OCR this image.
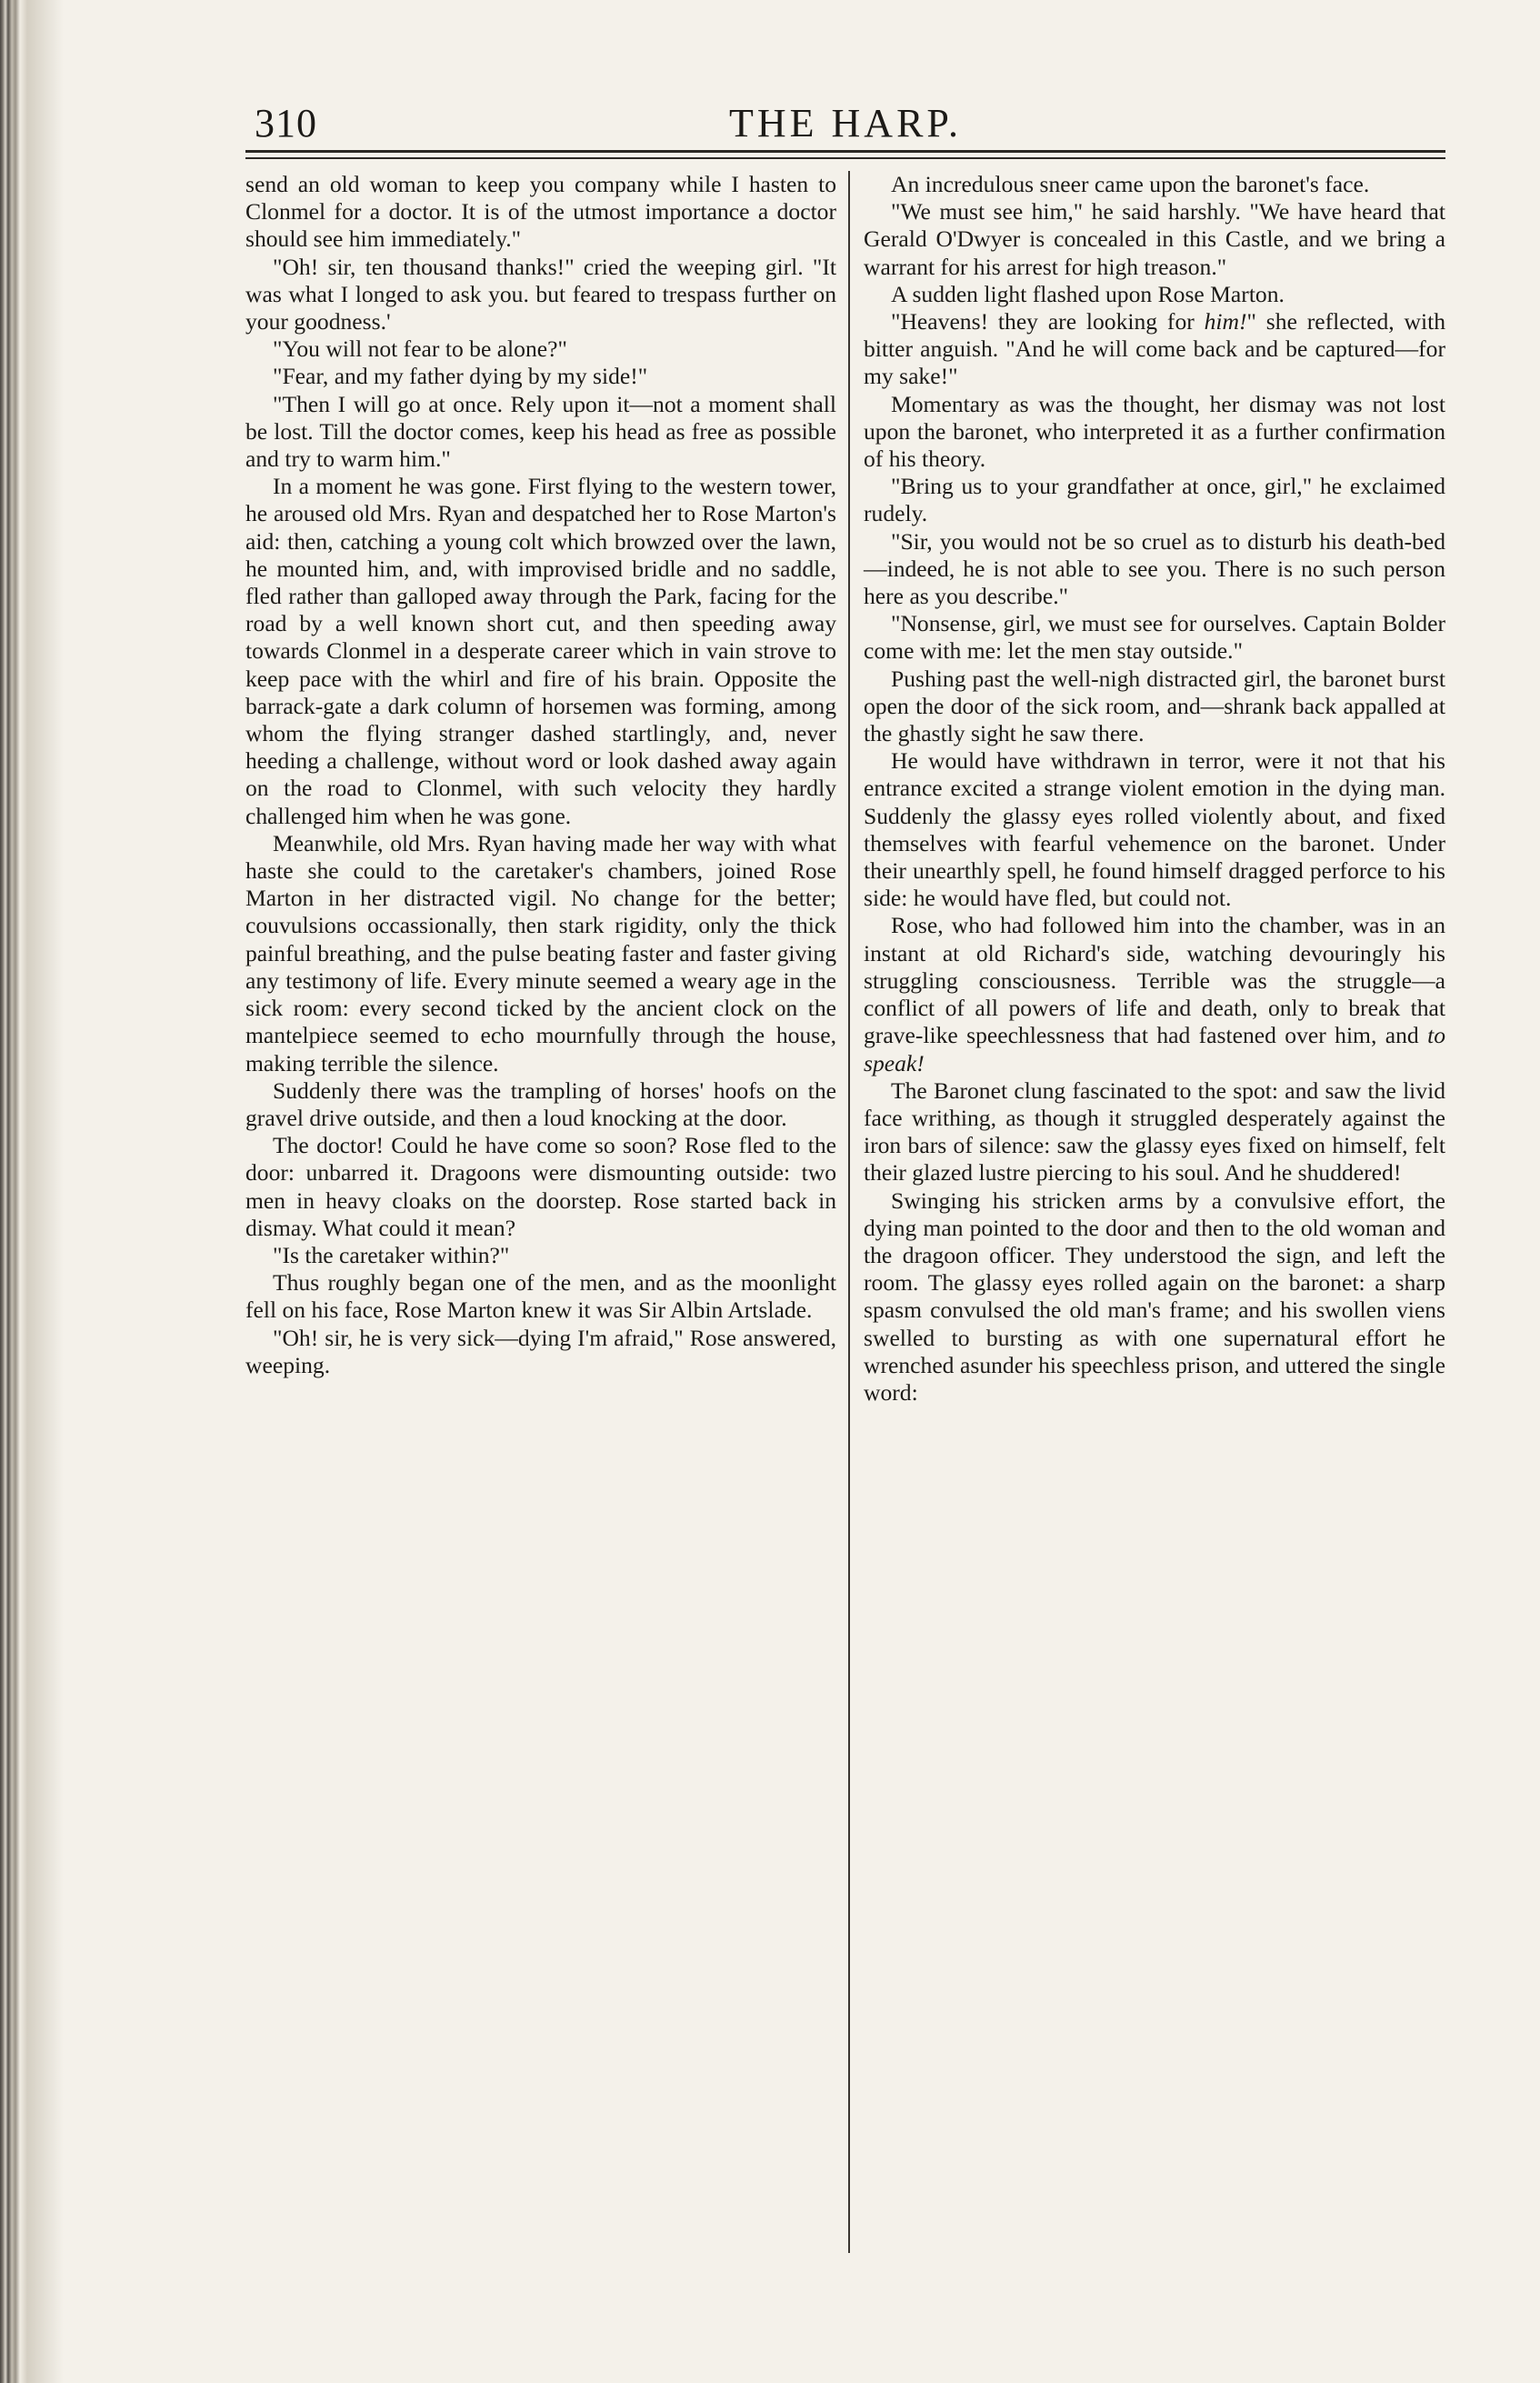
310	THE HARP.

send an old woman to keep you company while I hasten to Clonmel for a doctor. It is of the utmost importance a doctor should see him immediately."

"Oh! sir, ten thousand thanks!" cried the weeping girl. "It was what I longed to ask you. but feared to trespass further on your goodness.'

"You will not fear to be alone?"

"Fear, and my father dying by my side!"

"Then I will go at once. Rely upon it—not a moment shall be lost. Till the doctor comes, keep his head as free as possible and try to warm him."

In a moment he was gone. First flying to the western tower, he aroused old Mrs. Ryan and despatched her to Rose Marton's aid: then, catching a young colt which browzed over the lawn, he mounted him, and, with improvised bridle and no saddle, fled rather than galloped away through the Park, facing for the road by a well known short cut, and then speeding away towards Clonmel in a desperate career which in vain strove to keep pace with the whirl and fire of his brain. Opposite the barrack-gate a dark column of horsemen was forming, among whom the flying stranger dashed startlingly, and, never heeding a challenge, without word or look dashed away again on the road to Clonmel, with such velocity they hardly challenged him when he was gone.

Meanwhile, old Mrs. Ryan having made her way with what haste she could to the caretaker's chambers, joined Rose Marton in her distracted vigil. No change for the better; couvulsions occassionally, then stark rigidity, only the thick painful breathing, and the pulse beating faster and faster giving any testimony of life. Every minute seemed a weary age in the sick room: every second ticked by the ancient clock on the mantelpiece seemed to echo mournfully through the house, making terrible the silence.

Suddenly there was the trampling of horses' hoofs on the gravel drive outside, and then a loud knocking at the door.

The doctor! Could he have come so soon? Rose fled to the door: unbarred it. Dragoons were dismounting outside: two men in heavy cloaks on the doorstep. Rose started back in dismay. What could it mean?

"Is the caretaker within?"

Thus roughly began one of the men, and as the moonlight fell on his face, Rose Marton knew it was Sir Albin Artslade.

"Oh! sir, he is very sick—dying I'm afraid," Rose answered, weeping.

An incredulous sneer came upon the baronet's face.

"We must see him," he said harshly. "We have heard that Gerald O'Dwyer is concealed in this Castle, and we bring a warrant for his arrest for high treason."

A sudden light flashed upon Rose Marton.

"Heavens! they are looking for him!" she reflected, with bitter anguish. "And he will come back and be captured—for my sake!"

Momentary as was the thought, her dismay was not lost upon the baronet, who interpreted it as a further confirmation of his theory.

"Bring us to your grandfather at once, girl," he exclaimed rudely.

"Sir, you would not be so cruel as to disturb his death-bed—indeed, he is not able to see you. There is no such person here as you describe."

"Nonsense, girl, we must see for ourselves. Captain Bolder come with me: let the men stay outside."

Pushing past the well-nigh distracted girl, the baronet burst open the door of the sick room, and—shrank back appalled at the ghastly sight he saw there.

He would have withdrawn in terror, were it not that his entrance excited a strange violent emotion in the dying man. Suddenly the glassy eyes rolled violently about, and fixed themselves with fearful vehemence on the baronet. Under their unearthly spell, he found himself dragged perforce to his side: he would have fled, but could not.

Rose, who had followed him into the chamber, was in an instant at old Richard's side, watching devouringly his struggling consciousness. Terrible was the struggle—a conflict of all powers of life and death, only to break that grave-like speechlessness that had fastened over him, and to speak!

The Baronet clung fascinated to the spot: and saw the livid face writhing, as though it struggled desperately against the iron bars of silence: saw the glassy eyes fixed on himself, felt their glazed lustre piercing to his soul. And he shuddered!

Swinging his stricken arms by a convulsive effort, the dying man pointed to the door and then to the old woman and the dragoon officer. They understood the sign, and left the room. The glassy eyes rolled again on the baronet: a sharp spasm convulsed the old man's frame; and his swollen viens swelled to bursting as with one supernatural effort he wrenched asunder his speechless prison, and uttered the single word:
